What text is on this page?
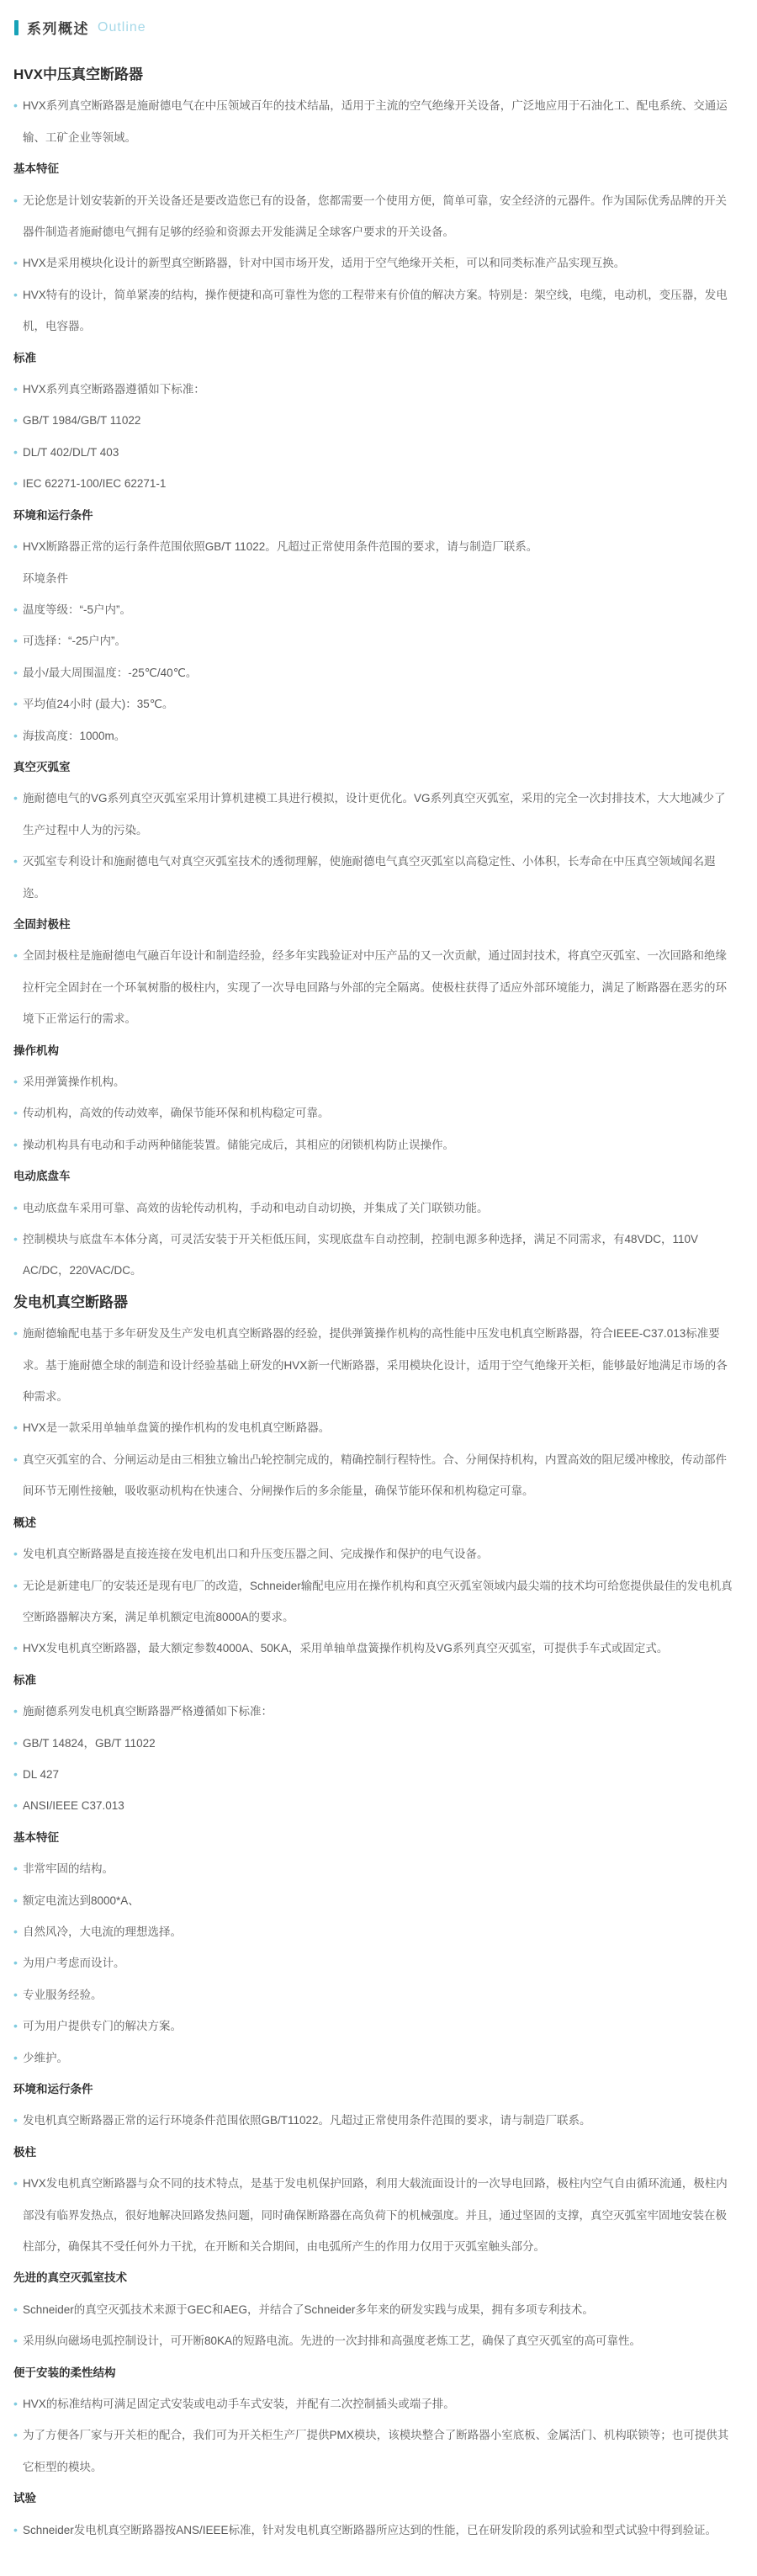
系列概述 Outline
HVX中压真空断路器
• HVX系列真空断路器是施耐德电气在中压领域百年的技术结晶，适用于主流的空气绝缘开关设备，广泛地应用于石油化工、配电系统、交通运输、工矿企业等领域。
基本特征
• 无论您是计划安装新的开关设备还是要改造您已有的设备，您都需要一个使用方便，简单可靠，安全经济的元器件。作为国际优秀品牌的开关器件制造者施耐德电气拥有足够的经验和资源去开发能满足全球客户要求的开关设备。
• HVX是采用模块化设计的新型真空断路器，针对中国市场开发，适用于空气绝缘开关柜，可以和同类标准产品实现互换。
• HVX特有的设计，简单紧凑的结构，操作便捷和高可靠性为您的工程带来有价值的解决方案。特别是：架空线，电缆，电动机，变压器，发电机，电容器。
标准
• HVX系列真空断路器遵循如下标准：
• GB/T 1984/GB/T 11022
• DL/T 402/DL/T 403
• IEC 62271-100/IEC 62271-1
环境和运行条件
• HVX断路器正常的运行条件范围依照GB/T 11022。凡超过正常使用条件范围的要求，请与制造厂联系。
环境条件
• 温度等级：“-5户内”。
• 可选择：“-25户内”。
• 最小/最大周围温度：-25℃/40℃。
• 平均值24小时 (最大)：35℃。
• 海拔高度：1000m。
真空灭弧室
• 施耐德电气的VG系列真空灭弧室采用计算机建模工具进行模拟，设计更优化。VG系列真空灭弧室，采用的完全一次封排技术，大大地减少了生产过程中人为的污染。
• 灭弧室专利设计和施耐德电气对真空灭弧室技术的透彻理解，使施耐德电气真空灭弧室以高稳定性、小体积，长寿命在中压真空领域闻名遐迩。
全固封极柱
• 全固封极柱是施耐德电气融百年设计和制造经验，经多年实践验证对中压产品的又一次贡献，通过固封技术，将真空灭弧室、一次回路和绝缘拉杆完全固封在一个环氧树脂的极柱内，实现了一次导电回路与外部的完全隔离。使极柱获得了适应外部环境能力，满足了断路器在恶劣的环境下正常运行的需求。
操作机构
• 采用弹簧操作机构。
• 传动机构，高效的传动效率，确保节能环保和机构稳定可靠。
• 操动机构具有电动和手动两种储能装置。储能完成后，其相应的闭锁机构防止误操作。
电动底盘车
• 电动底盘车采用可靠、高效的齿轮传动机构，手动和电动自动切换，并集成了关门联锁功能。
• 控制模块与底盘车本体分离，可灵活安装于开关柜低压间，实现底盘车自动控制，控制电源多种选择，满足不同需求，有48VDC，110V AC/DC，220VAC/DC。
发电机真空断路器
• 施耐德输配电基于多年研发及生产发电机真空断路器的经验，提供弹簧操作机构的高性能中压发电机真空断路器，符合IEEE-C37.013标准要求。基于施耐德全球的制造和设计经验基础上研发的HVX新一代断路器，采用模块化设计，适用于空气绝缘开关柜，能够最好地满足市场的各种需求。
• HVX是一款采用单轴单盘簧的操作机构的发电机真空断路器。
• 真空灭弧室的合、分闸运动是由三相独立输出凸轮控制完成的，精确控制行程特性。合、分闸保持机构，内置高效的阻尼缓冲橡胶，传动部件间环节无刚性接触，吸收驱动机构在快速合、分闸操作后的多余能量，确保节能环保和机构稳定可靠。
概述
• 发电机真空断路器是直接连接在发电机出口和升压变压器之间、完成操作和保护的电气设备。
• 无论是新建电厂的安装还是现有电厂的改造，Schneider输配电应用在操作机构和真空灭弧室领域内最尖端的技术均可给您提供最佳的发电机真空断路器解决方案，满足单机额定电流8000A的要求。
• HVX发电机真空断路器，最大额定参数4000A、50KA，采用单轴单盘簧操作机构及VG系列真空灭弧室，可提供手车式或固定式。
标准
• 施耐德系列发电机真空断路器严格遵循如下标准：
• GB/T 14824，GB/T 11022
• DL 427
• ANSI/IEEE C37.013
基本特征
• 非常牢固的结构。
• 额定电流达到8000*A、
• 自然风冷，大电流的理想选择。
• 为用户考虑而设计。
• 专业服务经验。
• 可为用户提供专门的解决方案。
• 少维护。
环境和运行条件
• 发电机真空断路器正常的运行环境条件范围依照GB/T11022。凡超过正常使用条件范围的要求，请与制造厂联系。
极柱
• HVX发电机真空断路器与众不同的技术特点，是基于发电机保护回路，利用大载流面设计的一次导电回路，极柱内空气自由循环流通，极柱内部没有临界发热点，很好地解决回路发热问题，同时确保断路器在高负荷下的机械强度。并且，通过坚固的支撑，真空灭弧室牢固地安装在极柱部分，确保其不受任何外力干扰，在开断和关合期间，由电弧所产生的作用力仅用于灭弧室触头部分。
先进的真空灭弧室技术
• Schneider的真空灭弧技术来源于GEC和AEG，并结合了Schneider多年来的研发实践与成果，拥有多项专利技术。
• 采用纵向磁场电弧控制设计，可开断80KA的短路电流。先进的一次封排和高强度老炼工艺，确保了真空灭弧室的高可靠性。
便于安装的柔性结构
• HVX的标准结构可满足固定式安装或电动手车式安装，并配有二次控制插头或端子排。
• 为了方便各厂家与开关柜的配合，我们可为开关柜生产厂提供PMX模块，该模块整合了断路器小室底板、金属活门、机构联锁等；也可提供其它柜型的模块。
试验
• Schneider发电机真空断路器按ANS/IEEE标准，针对发电机真空断路器所应达到的性能，已在研发阶段的系列试验和型式试验中得到验证。
